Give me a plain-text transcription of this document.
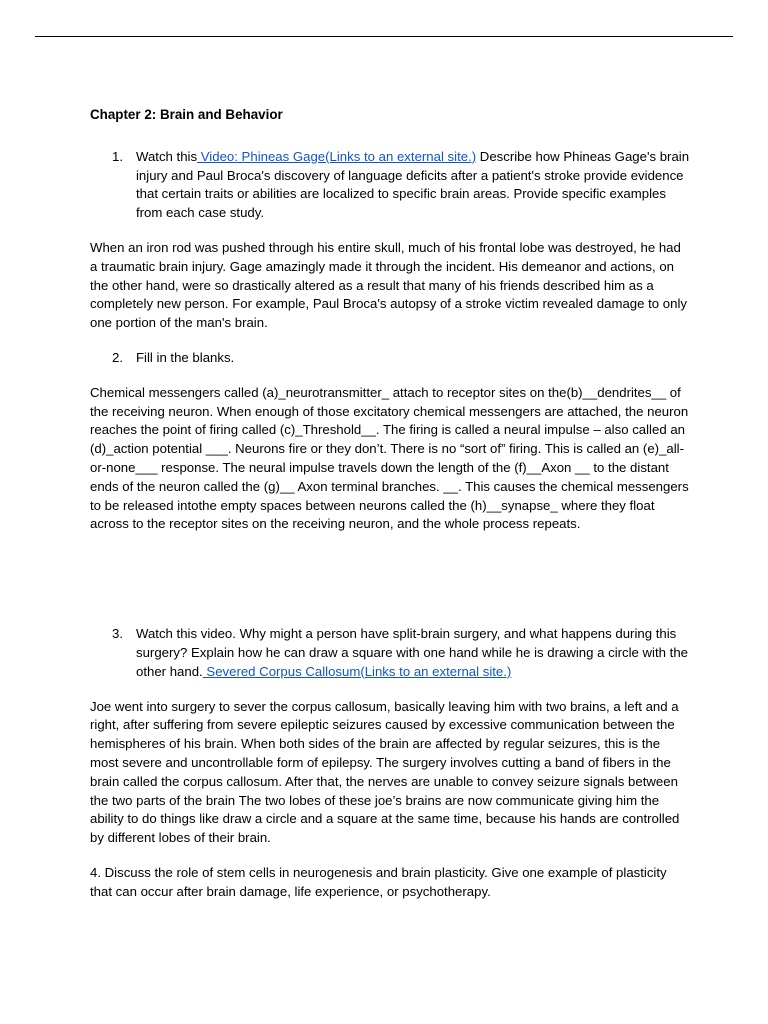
Chapter 2: Brain and Behavior
1. Watch this Video: Phineas Gage(Links to an external site.) Describe how Phineas Gage's brain injury and Paul Broca's discovery of language deficits after a patient's stroke provide evidence that certain traits or abilities are localized to specific brain areas. Provide specific examples from each case study.

When an iron rod was pushed through his entire skull, much of his frontal lobe was destroyed, he had a traumatic brain injury. Gage amazingly made it through the incident. His demeanor and actions, on the other hand, were so drastically altered as a result that many of his friends described him as a completely new person. For example, Paul Broca's autopsy of a stroke victim revealed damage to only one portion of the man's brain.

2. Fill in the blanks.

Chemical messengers called (a)_neurotransmitter_ attach to receptor sites on the(b)__dendrites__ of the receiving neuron. When enough of those excitatory chemical messengers are attached, the neuron reaches the point of firing called (c)_Threshold__. The firing is called a neural impulse – also called an (d)_action potential ___. Neurons fire or they don’t. There is no “sort of” firing. This is called an (e)_all-or-none___ response. The neural impulse travels down the length of the (f)__Axon __ to the distant ends of the neuron called the (g)__ Axon terminal branches. __. This causes the chemical messengers to be released intothe empty spaces between neurons called the (h)__synapse_ where they float across to the receptor sites on the receiving neuron, and the whole process repeats.

3. Watch this video. Why might a person have split-brain surgery, and what happens during this surgery? Explain how he can draw a square with one hand while he is drawing a circle with the other hand. Severed Corpus Callosum(Links to an external site.)

Joe went into surgery to sever the corpus callosum, basically leaving him with two brains, a left and a right, after suffering from severe epileptic seizures caused by excessive communication between the hemispheres of his brain. When both sides of the brain are affected by regular seizures, this is the most severe and uncontrollable form of epilepsy. The surgery involves cutting a band of fibers in the brain called the corpus callosum. After that, the nerves are unable to convey seizure signals between the two parts of the brain The two lobes of these joe’s brains are now communicate giving him the ability to do things like draw a circle and a square at the same time, because his hands are controlled by different lobes of their brain.

4. Discuss the role of stem cells in neurogenesis and brain plasticity. Give one example of plasticity that can occur after brain damage, life experience, or psychotherapy.
